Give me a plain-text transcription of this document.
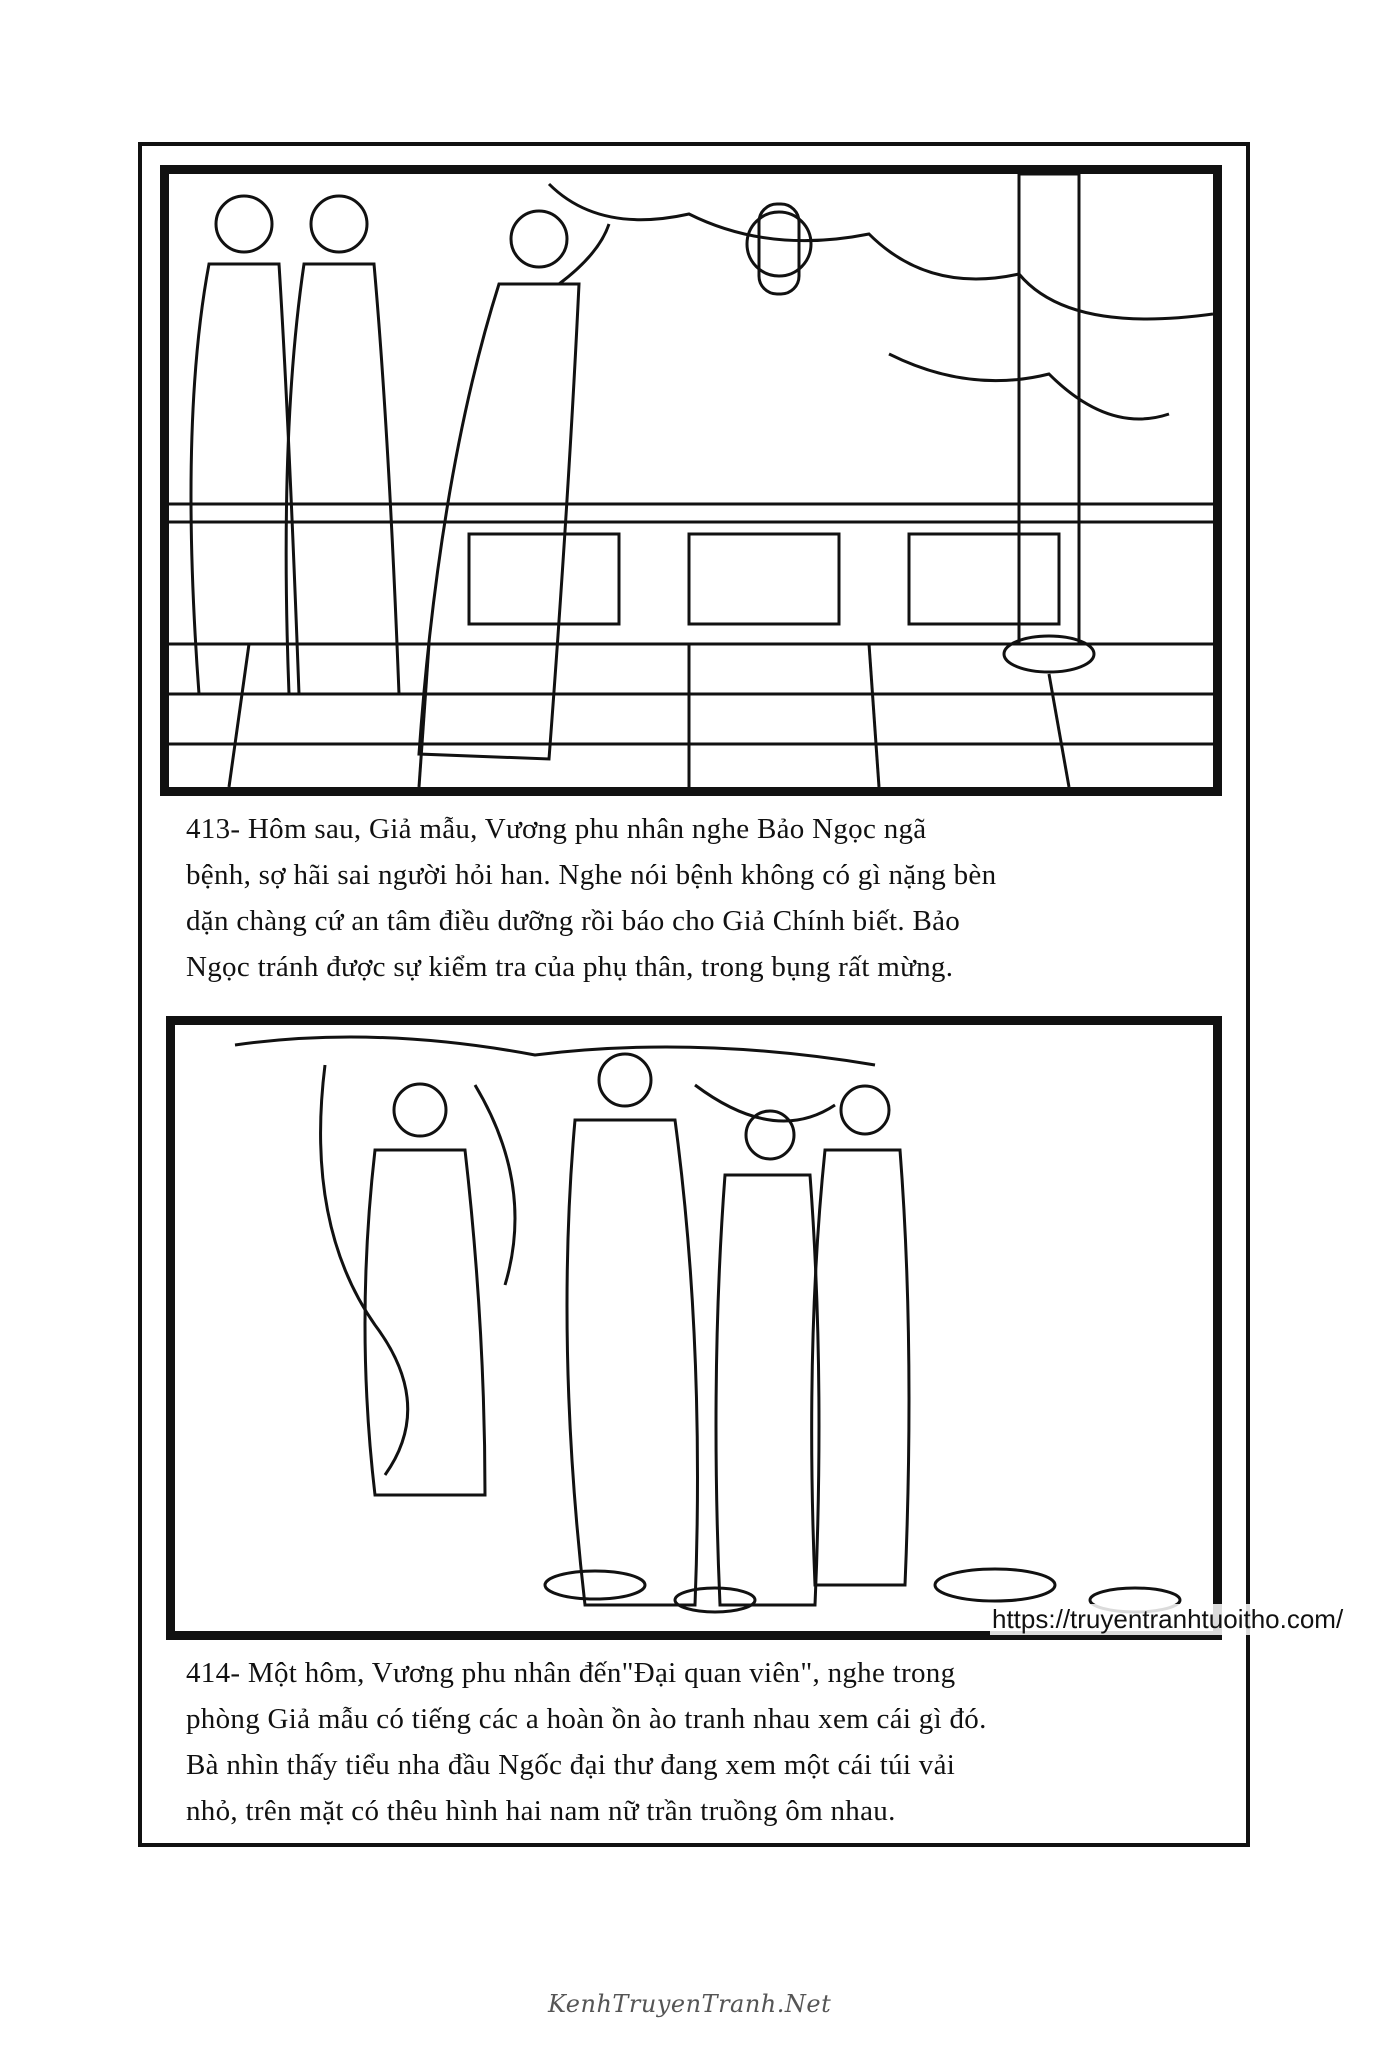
413- Hôm sau, Giả mẫu, Vương phu nhân nghe Bảo Ngọc ngã

bệnh, sợ hãi sai người hỏi han. Nghe nói bệnh không có gì nặng bèn

dặn chàng cứ an tâm điều dưỡng rồi báo cho Giả Chính biết. Bảo

Ngọc tránh được sự kiểm tra của phụ thân, trong bụng rất mừng.

https://truyentranhtuoitho.com/

414- Một hôm, Vương phu nhân đến"Đại quan viên", nghe trong

phòng Giả mẫu có tiếng các a hoàn ồn ào tranh nhau xem cái gì đó.

Bà nhìn thấy tiểu nha đầu Ngốc đại thư đang xem một cái túi vải

nhỏ, trên mặt có thêu hình hai nam nữ trần truồng ôm nhau.

KenhTruyenTranh.Net
